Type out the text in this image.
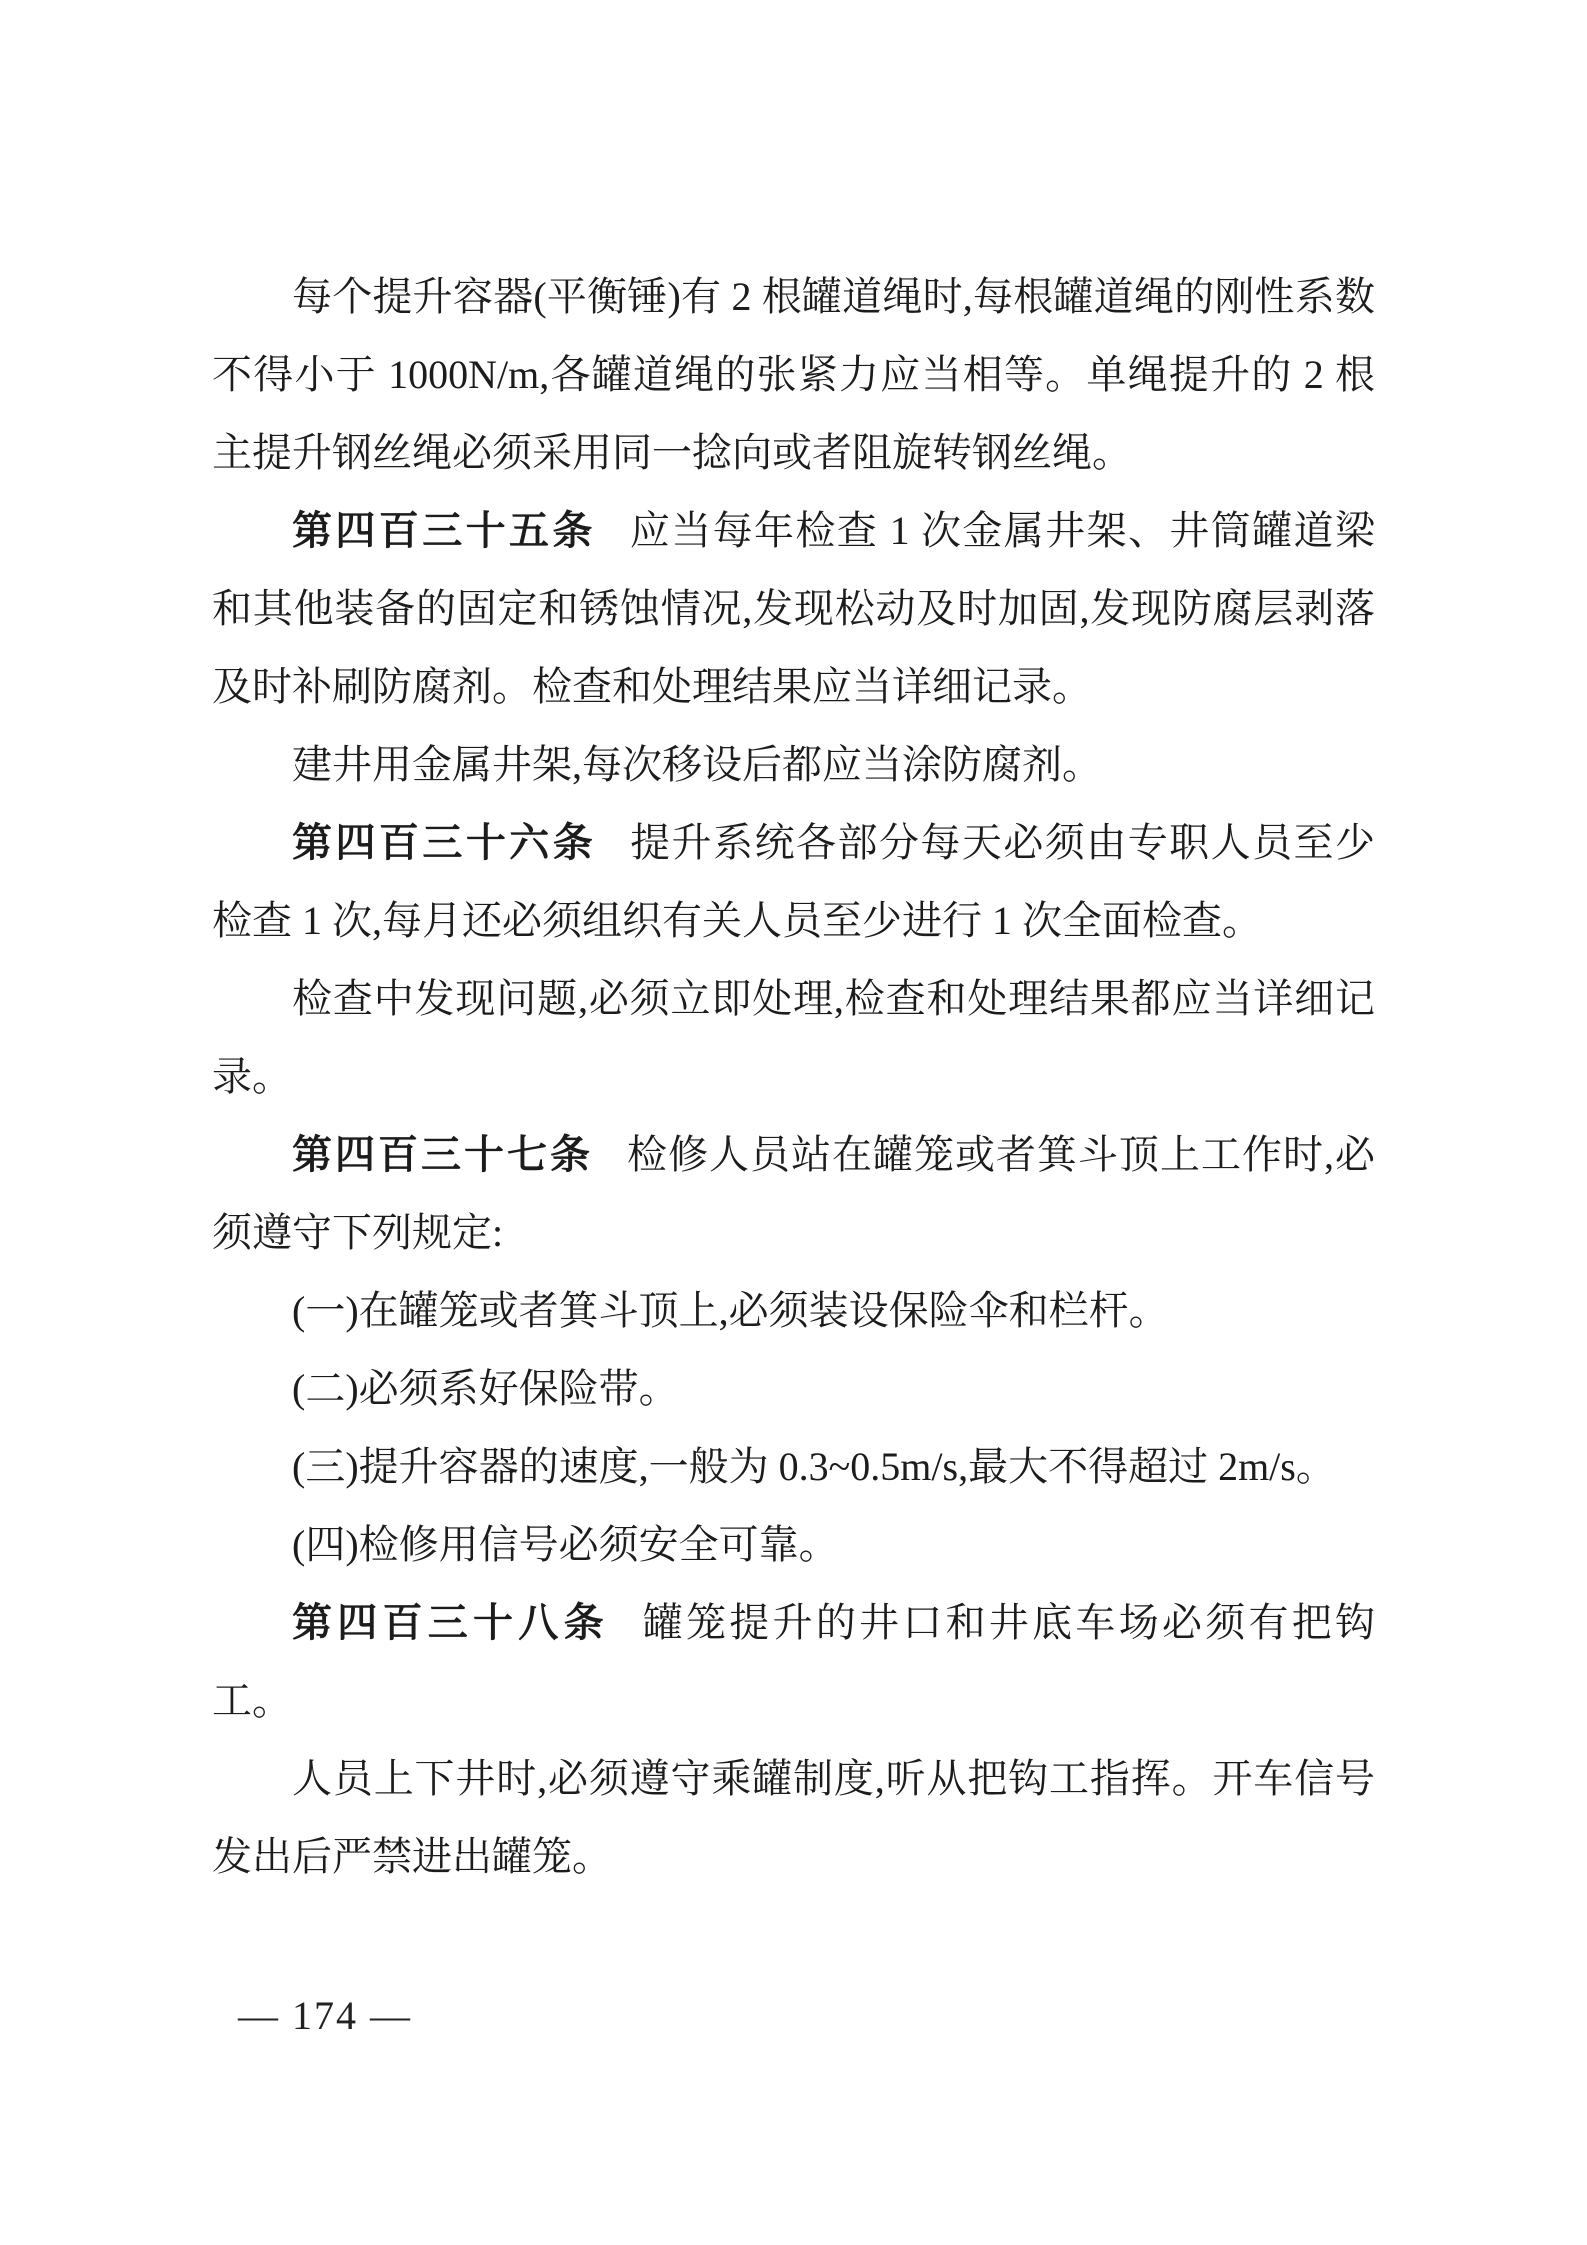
每个提升容器(平衡锤)有 2 根罐道绳时,每根罐道绳的刚性系数不得小于 1000N/m,各罐道绳的张紧力应当相等。单绳提升的 2 根主提升钢丝绳必须采用同一捻向或者阻旋转钢丝绳。

第四百三十五条 应当每年检查 1 次金属井架、井筒罐道梁和其他装备的固定和锈蚀情况,发现松动及时加固,发现防腐层剥落及时补刷防腐剂。检查和处理结果应当详细记录。

建井用金属井架,每次移设后都应当涂防腐剂。

第四百三十六条 提升系统各部分每天必须由专职人员至少检查 1 次,每月还必须组织有关人员至少进行 1 次全面检查。

检查中发现问题,必须立即处理,检查和处理结果都应当详细记录。

第四百三十七条 检修人员站在罐笼或者箕斗顶上工作时,必须遵守下列规定:

(一)在罐笼或者箕斗顶上,必须装设保险伞和栏杆。

(二)必须系好保险带。

(三)提升容器的速度,一般为 0.3~0.5m/s,最大不得超过 2m/s。

(四)检修用信号必须安全可靠。

第四百三十八条 罐笼提升的井口和井底车场必须有把钩工。

人员上下井时,必须遵守乘罐制度,听从把钩工指挥。开车信号发出后严禁进出罐笼。

— 174 —
